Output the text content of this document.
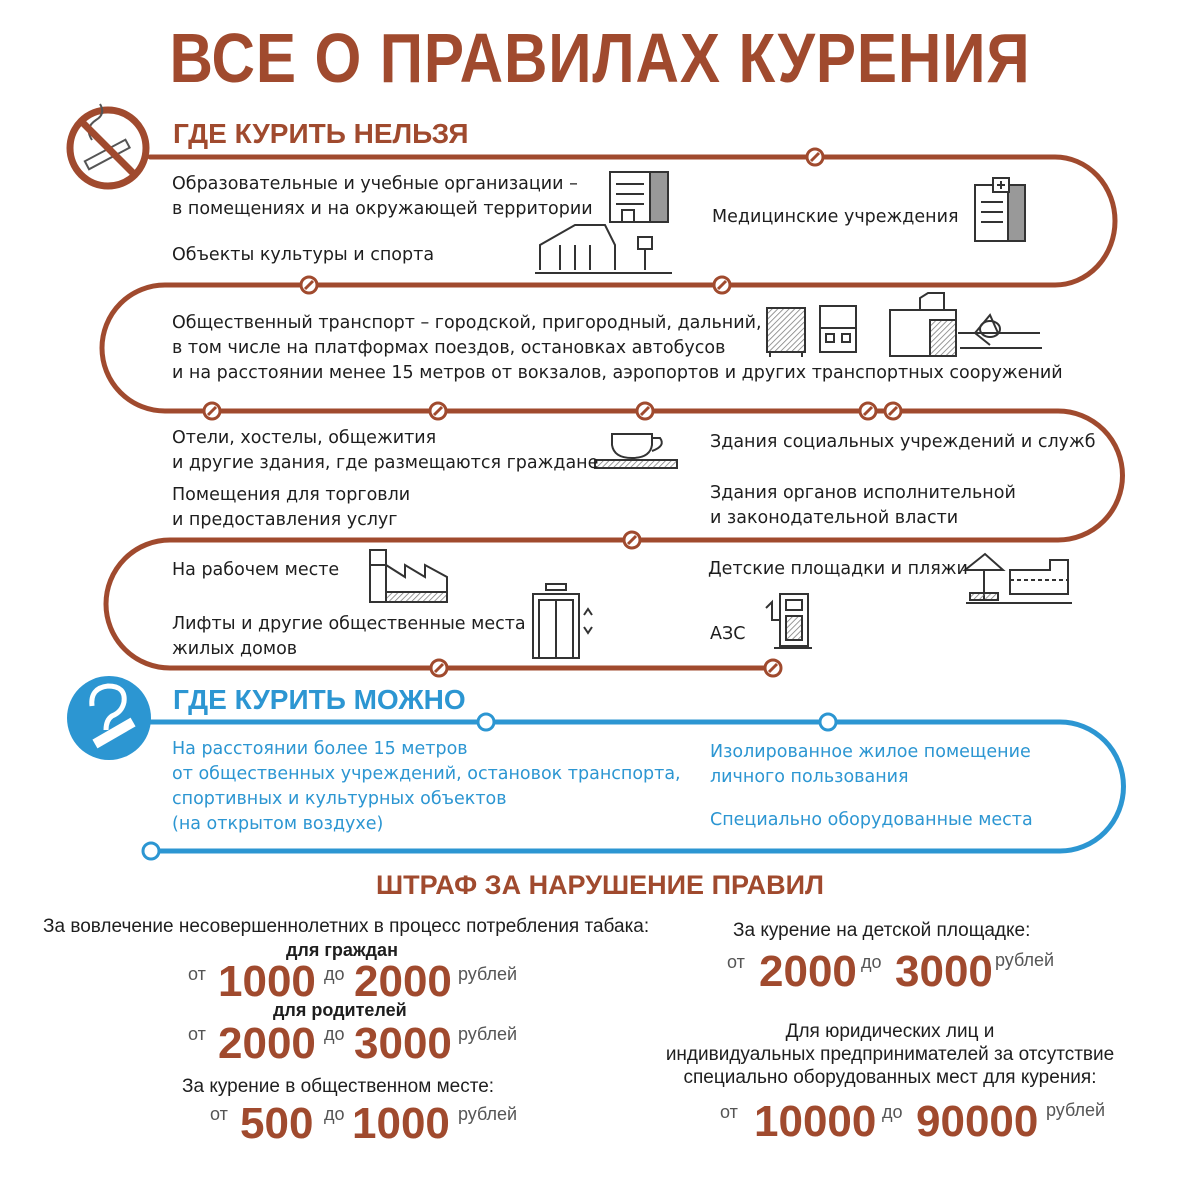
ВСЕ О ПРАВИЛАХ КУРЕНИЯ
ГДЕ КУРИТЬ НЕЛЬЗЯ
Образовательные и учебные организации –
в помещениях и на окружающей территории	Медицинские учреждения
Объекты культуры и спорта
Общественный транспорт – городской, пригородный, дальний,
в том числе на платформах поездов, остановках автобусов
и на расстоянии менее 15 метров от вокзалов, аэропортов и других транспортных сооружений
Отели, хостелы, общежития
и другие здания, где размещаются граждане
Здания социальных учреждений и служб
Помещения для торговли
и предоставления услуг
Здания органов исполнительной
и законодательной власти
На рабочем месте	Детские площадки и пляжи
Лифты и другие общественные места
жилых домов
АЗС
ГДЕ КУРИТЬ МОЖНО
На расстоянии более 15 метров
от общественных учреждений, остановок транспорта,
спортивных и культурных объектов
(на открытом воздухе)
Изолированное жилое помещение
личного пользования
Специально оборудованные места
ШТРАФ ЗА НАРУШЕНИЕ ПРАВИЛ
За вовлечение несовершеннолетних в процесс потребления табака:
для граждан
от 1000 до 2000 рублей
для родителей
от 2000 до 3000 рублей
За курение в общественном месте:
от 500 до 1000 рублей
За курение на детской площадке:
от 2000 до 3000 рублей
Для юридических лиц и
индивидуальных предпринимателей за отсутствие
специально оборудованных мест для курения:
от 10000 до 90000 рублей
